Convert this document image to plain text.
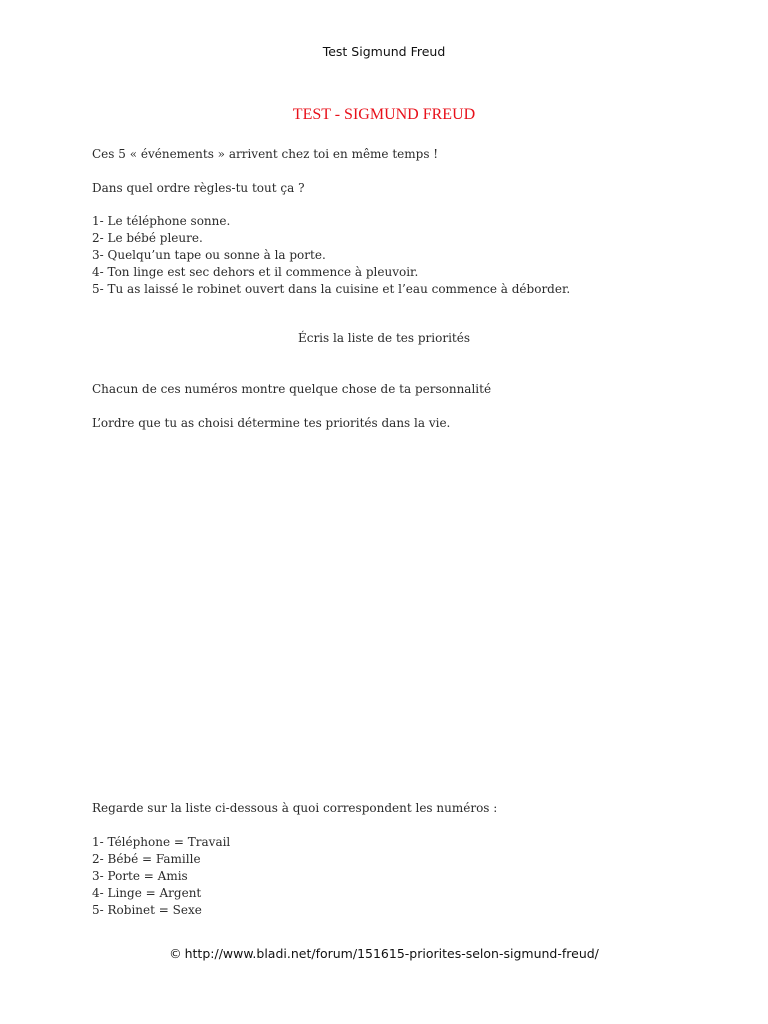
Test Sigmund Freud
TEST - SIGMUND FREUD
Ces 5 « événements » arrivent chez toi en même temps !
Dans quel ordre règles-tu tout ça ?
1- Le téléphone sonne.
2- Le bébé pleure.
3- Quelqu’un tape ou sonne à la porte.
4- Ton linge est sec dehors et il commence à pleuvoir.
5- Tu as laissé le robinet ouvert dans la cuisine et l’eau commence à déborder.
Écris la liste de tes priorités
Chacun de ces numéros montre quelque chose de ta personnalité
L’ordre que tu as choisi détermine tes priorités dans la vie.
Regarde sur la liste ci-dessous à quoi correspondent les numéros :
1- Téléphone = Travail
2- Bébé = Famille
3- Porte = Amis
4- Linge = Argent
5- Robinet = Sexe
© http://www.bladi.net/forum/151615-priorites-selon-sigmund-freud/
